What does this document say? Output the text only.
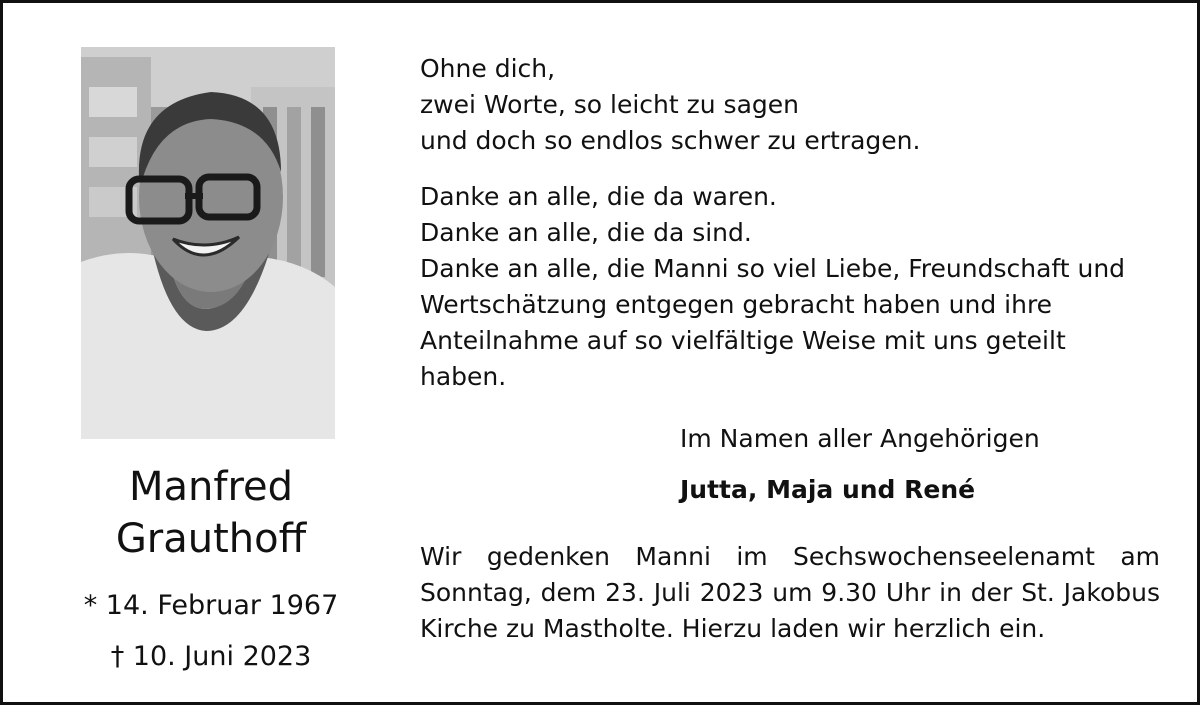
Manfred
Grauthoff
* 14. Februar 1967
† 10. Juni 2023
Ohne dich,
zwei Worte, so leicht zu sagen
und doch so endlos schwer zu ertragen.
Danke an alle, die da waren.
Danke an alle, die da sind.
Danke an alle, die Manni so viel Liebe, Freundschaft und
Wertschätzung entgegen gebracht haben und ihre
Anteilnahme auf so vielfältige Weise mit uns geteilt
haben.
Im Namen aller Angehörigen
Jutta, Maja und René
Wir gedenken Manni im Sechswochenseelenamt am Sonntag, dem 23. Juli 2023 um 9.30 Uhr in der St. Jakobus Kirche zu Mastholte. Hierzu laden wir herzlich ein.
